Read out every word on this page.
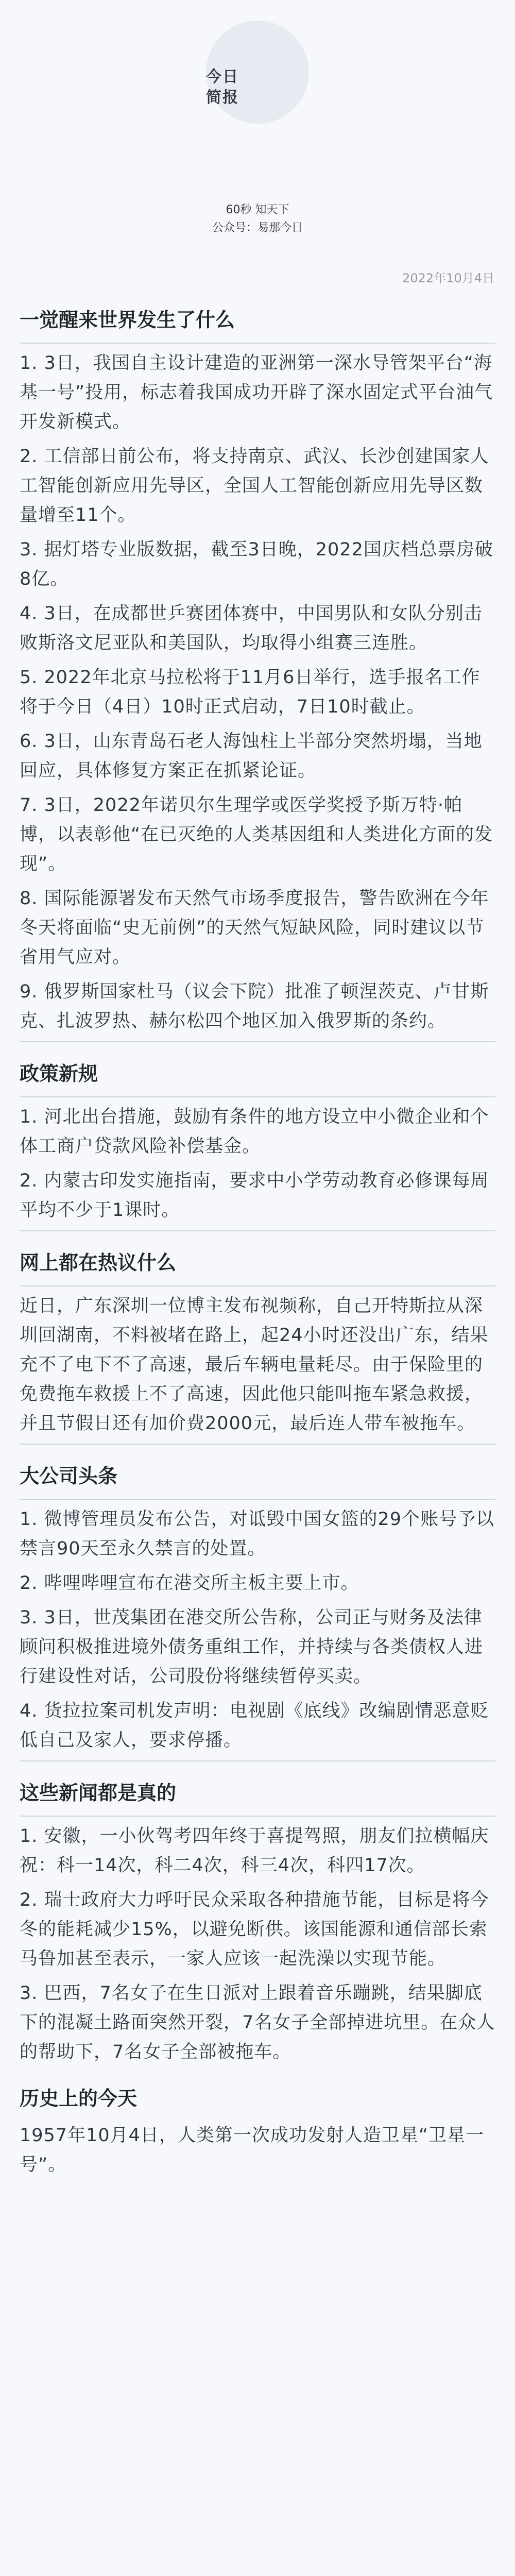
今日
简报
60秒 知天下
公众号：易那今日
2022年10月4日
一觉醒来世界发生了什么
1. 3日，我国自主设计建造的亚洲第一深水导管架平台“海基一号”投用，标志着我国成功开辟了深水固定式平台油气开发新模式。
2. 工信部日前公布，将支持南京、武汉、长沙创建国家人工智能创新应用先导区，全国人工智能创新应用先导区数量增至11个。
3. 据灯塔专业版数据，截至3日晚，2022国庆档总票房破8亿。
4. 3日，在成都世乒赛团体赛中，中国男队和女队分别击败斯洛文尼亚队和美国队，均取得小组赛三连胜。
5. 2022年北京马拉松将于11月6日举行，选手报名工作将于今日（4日）10时正式启动，7日10时截止。
6. 3日，山东青岛石老人海蚀柱上半部分突然坍塌，当地回应，具体修复方案正在抓紧论证。
7. 3日，2022年诺贝尔生理学或医学奖授予斯万特·帕博，以表彰他“在已灭绝的人类基因组和人类进化方面的发现”。
8. 国际能源署发布天然气市场季度报告，警告欧洲在今年冬天将面临“史无前例”的天然气短缺风险，同时建议以节省用气应对。
9. 俄罗斯国家杜马（议会下院）批准了顿涅茨克、卢甘斯克、扎波罗热、赫尔松四个地区加入俄罗斯的条约。
政策新规
1. 河北出台措施，鼓励有条件的地方设立中小微企业和个体工商户贷款风险补偿基金。
2. 内蒙古印发实施指南，要求中小学劳动教育必修课每周平均不少于1课时。
网上都在热议什么
近日，广东深圳一位博主发布视频称，自己开特斯拉从深圳回湖南，不料被堵在路上，起24小时还没出广东，结果充不了电下不了高速，最后车辆电量耗尽。由于保险里的免费拖车救援上不了高速，因此他只能叫拖车紧急救援，并且节假日还有加价费2000元，最后连人带车被拖车。
大公司头条
1. 微博管理员发布公告，对诋毁中国女篮的29个账号予以禁言90天至永久禁言的处置。
2. 哔哩哔哩宣布在港交所主板主要上市。
3. 3日，世茂集团在港交所公告称，公司正与财务及法律顾问积极推进境外债务重组工作，并持续与各类债权人进行建设性对话，公司股份将继续暂停买卖。
4. 货拉拉案司机发声明：电视剧《底线》改编剧情恶意贬低自己及家人，要求停播。
这些新闻都是真的
1. 安徽，一小伙驾考四年终于喜提驾照，朋友们拉横幅庆祝：科一14次，科二4次，科三4次，科四17次。
2. 瑞士政府大力呼吁民众采取各种措施节能，目标是将今冬的能耗减少15%，以避免断供。该国能源和通信部长索马鲁加甚至表示，一家人应该一起洗澡以实现节能。
3. 巴西，7名女子在生日派对上跟着音乐蹦跳，结果脚底下的混凝土路面突然开裂，7名女子全部掉进坑里。在众人的帮助下，7名女子全部被拖车。
历史上的今天
1957年10月4日，人类第一次成功发射人造卫星“卫星一号”。
